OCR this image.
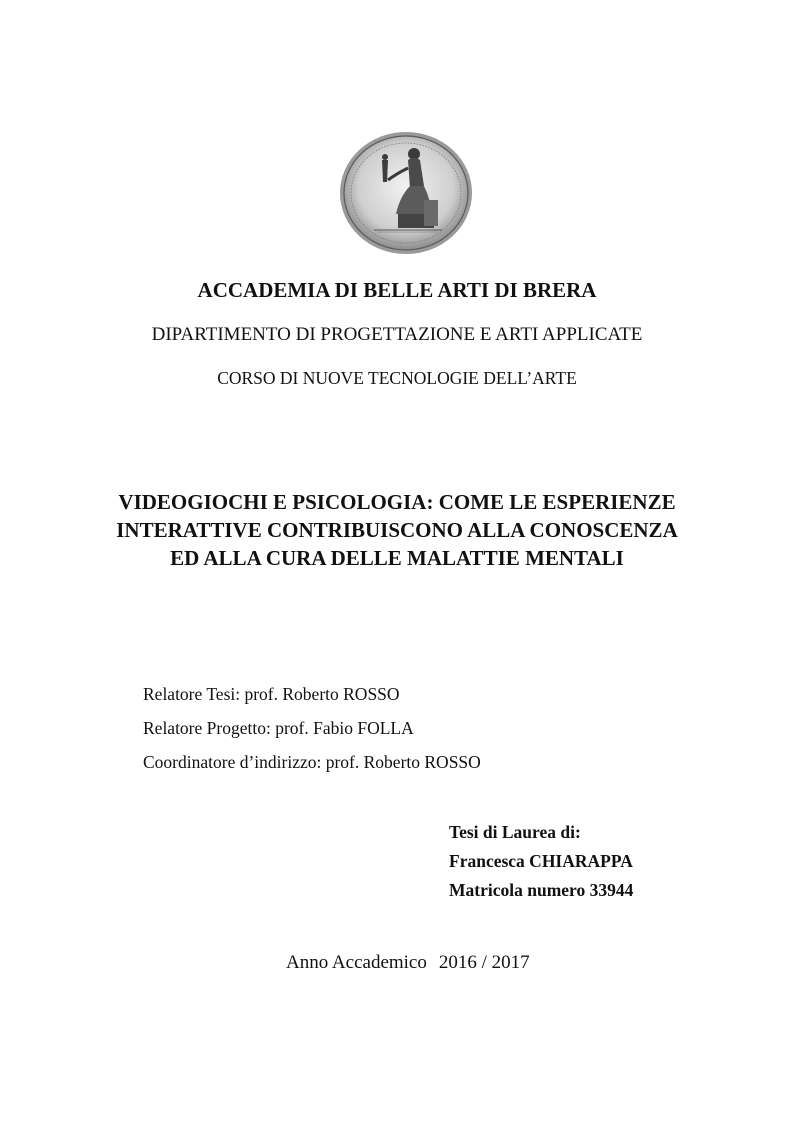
ACCADEMIA DI BELLE ARTI DI BRERA
DIPARTIMENTO DI PROGETTAZIONE E ARTI APPLICATE
CORSO DI NUOVE TECNOLOGIE DELL’ARTE
VIDEOGIOCHI E PSICOLOGIA: COME LE ESPERIENZE
INTERATTIVE CONTRIBUISCONO ALLA CONOSCENZA
ED ALLA CURA DELLE MALATTIE MENTALI
Relatore Tesi: prof. Roberto ROSSO
Relatore Progetto: prof. Fabio FOLLA
Coordinatore d’indirizzo: prof. Roberto ROSSO
Tesi di Laurea di:
Francesca CHIARAPPA
Matricola numero 33944
Anno Accademico 2016 / 2017
